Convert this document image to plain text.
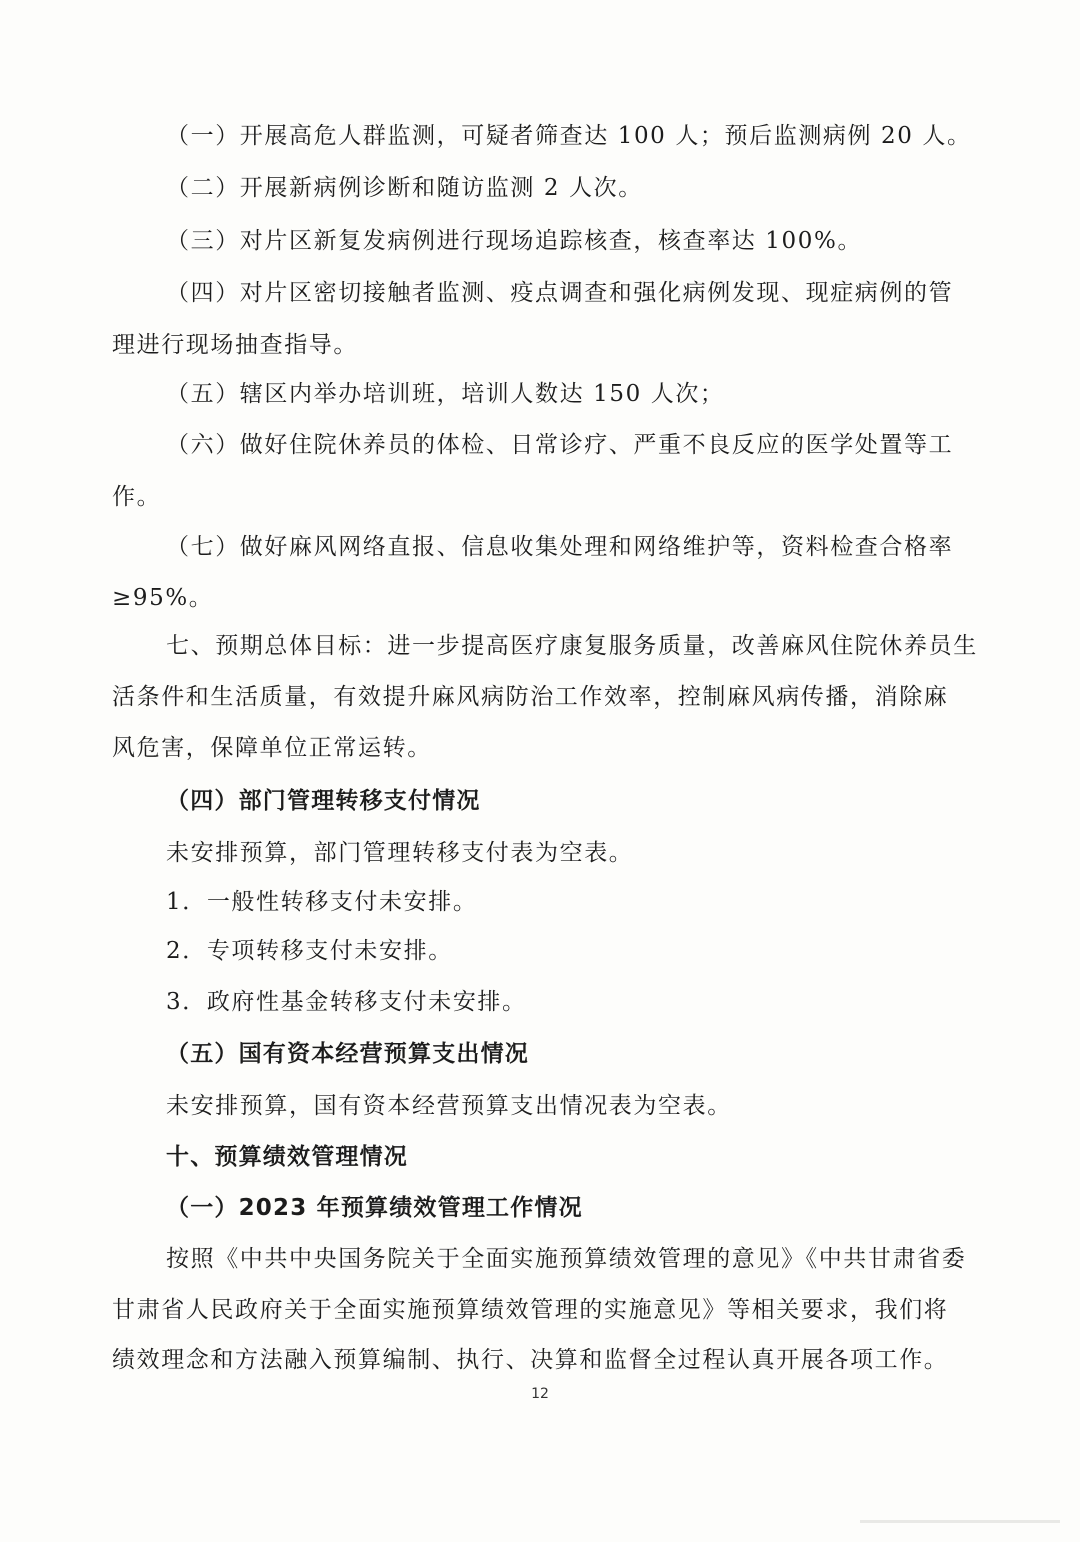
（一）开展高危人群监测，可疑者筛查达 100 人；预后监测病例 20 人。
（二）开展新病例诊断和随访监测 2 人次。
（三）对片区新复发病例进行现场追踪核查，核查率达 100%。
（四）对片区密切接触者监测、疫点调查和强化病例发现、现症病例的管
理进行现场抽查指导。
（五）辖区内举办培训班，培训人数达 150 人次；
（六）做好住院休养员的体检、日常诊疗、严重不良反应的医学处置等工
作。
（七）做好麻风网络直报、信息收集处理和网络维护等，资料检查合格率
≥95%。
七、预期总体目标：进一步提高医疗康复服务质量，改善麻风住院休养员生
活条件和生活质量，有效提升麻风病防治工作效率，控制麻风病传播，消除麻
风危害，保障单位正常运转。
（四）部门管理转移支付情况
未安排预算，部门管理转移支付表为空表。
1．一般性转移支付未安排。
2．专项转移支付未安排。
3．政府性基金转移支付未安排。
（五）国有资本经营预算支出情况
未安排预算，国有资本经营预算支出情况表为空表。
十、预算绩效管理情况
（一）2023 年预算绩效管理工作情况
按照《中共中央国务院关于全面实施预算绩效管理的意见》《中共甘肃省委
甘肃省人民政府关于全面实施预算绩效管理的实施意见》等相关要求，我们将
绩效理念和方法融入预算编制、执行、决算和监督全过程认真开展各项工作。
12
